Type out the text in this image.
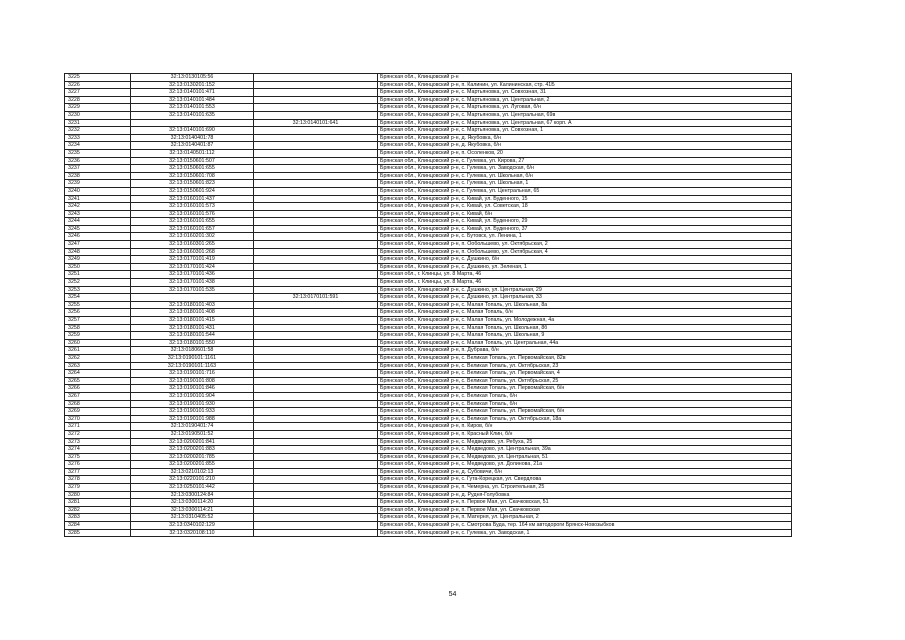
3225	32:13:0130105:56		Брянская обл., Клинцовский р-н
3226	32:13:0130201:152		Брянская обл., Клинцовский р-н, п. Калинин, ул. Калининская, стр. 41Б
3227	32:13:0140101:471		Брянская обл., Клинцовский р-н, с. Мартьяновка, ул. Совхозная, 31
3228	32:13:0140101:484		Брянская обл., Клинцовский р-н, с. Мартьяновка, ул. Центральная, 2
3229	32:13:0140101:553		Брянская обл., Клинцовский р-н, с. Мартьяновка, ул. Луговая, б/н
3230	32:13:0140101:635		Брянская обл., Клинцовский р-н, с. Мартьяновка, ул. Центральная, 69в
3231		32:13:0140101:641	Брянская обл., Клинцовский р-н, с. Мартьяновка, ул. Центральная, 67 корп. А
3232	32:13:0140101:690		Брянская обл., Клинцовский р-н, с. Мартьяновка, ул. Совхозная, 1
3233	32:13:0140401:78		Брянская обл., Клинцовский р-н, д. Якубовка, б/н
3234	32:13:0140401:87		Брянская обл., Клинцовский р-н, д. Якубовка, б/н
3235	32:13:0140501:112		Брянская обл., Клинцовский р-н, п. Осоленков, 20
3236	32:13:0150601:507		Брянская обл., Клинцовский р-н, с. Гулевка, ул. Кирова, 27
3237	32:13:0150601:655		Брянская обл., Клинцовский р-н, с. Гулевка, ул. Заводская, б/н
3238	32:13:0150601:708		Брянская обл., Клинцовский р-н, с. Гулевка, ул. Школьная, б/н
3239	32:13:0150601:823		Брянская обл., Клинцовский р-н, с. Гулевка, ул. Школьная, 1
3240	32:13:0150601:924		Брянская обл., Клинцовский р-н, с. Гулевка, ул. Центральная, 65
3241	32:13:0160101:437		Брянская обл., Клинцовский р-н, с. Кивай, ул. Буденного, 15
3242	32:13:0160101:573		Брянская обл., Клинцовский р-н, с. Кивай, ул. Советская, 18
3243	32:13:0160101:576		Брянская обл., Клинцовский р-н, с. Кивай, б/н
3244	32:13:0160101:655		Брянская обл., Клинцовский р-н, с. Кивай, ул. Буденного, 29
3245	32:13:0160101:657		Брянская обл., Клинцовский р-н, с. Кивай, ул. Буденного, 37
3246	32:13:0160201:302		Брянская обл., Клинцовский р-н, с. Бутовск, ул. Ленина, 1
3247	32:13:0160301:265		Брянская обл., Клинцовский р-н, п. Ообольшево, ул. Октябрьская, 2
3248	32:13:0160301:268		Брянская обл., Клинцовский р-н, п. Ообольшево, ул. Октябрьская, 4
3249	32:13:0170101:419		Брянская обл., Клинцовский р-н, с. Душкино, б/н
3250	32:13:0170101:424		Брянская обл., Клинцовский р-н, с. Душкино, ул. Зеленая, 1
3251	32:13:0170101:436		Брянская обл., г. Клинцы, ул. 8 Марта, 46
3252	32:13:0170101:438		Брянская обл., г. Клинцы, ул. 8 Марта, 46
3253	32:13:0170101:535		Брянская обл., Клинцовский р-н, с. Душкино, ул. Центральная, 29
3254		32:13:0170101:591	Брянская обл., Клинцовский р-н, с. Душкино, ул. Центральная, 33
3255	32:13:0180101:403		Брянская обл., Клинцовский р-н, с. Малая Топаль, ул. Школьная, 8а
3256	32:13:0180101:408		Брянская обл., Клинцовский р-н, с. Малая Топаль, б/н
3257	32:13:0180101:415		Брянская обл., Клинцовский р-н, с. Малая Топаль, ул. Молодежная, 4а
3258	32:13:0180101:431		Брянская обл., Клинцовский р-н, с. Малая Топаль, ул. Школьная, 8б
3259	32:13:0180101:544		Брянская обл., Клинцовский р-н, с. Малая Топаль, ул. Школьная, 9
3260	32:13:0180101:550		Брянская обл., Клинцовский р-н, с. Малая Топаль, ул. Центральная, 44а
3261	32:13:0180601:58		Брянская обл., Клинцовский р-н, п. Дубрава, б/н
3262	32:13:0190101:1161		Брянская обл., Клинцовский р-н, с. Великая Топаль, ул. Первомайская, 82в
3263	32:13:0190101:1163		Брянская обл., Клинцовский р-н, с. Великая Топаль, ул. Октябрьская, 23
3264	32:13:0190101:716		Брянская обл., Клинцовский р-н, с. Великая Топаль, ул. Первомайская, 4
3265	32:13:0190101:808		Брянская обл., Клинцовский р-н, с. Великая Топаль, ул. Октябрьская, 25
3266	32:13:0190101:846		Брянская обл., Клинцовский р-н, с. Великая Топаль, ул. Первомайская, б/н
3267	32:13:0190101:904		Брянская обл., Клинцовский р-н, с. Великая Топаль, б/н
3268	32:13:0190101:930		Брянская обл., Клинцовский р-н, с. Великая Топаль, б/н
3269	32:13:0190101:933		Брянская обл., Клинцовский р-н, с. Великая Топаль, ул. Первомайская, б/н
3270	32:13:0190101:988		Брянская обл., Клинцовский р-н, с. Великая Топаль, ул. Октябрьская, 18а
3271	32:13:0190401:74		Брянская обл., Клинцовский р-н, п. Киров, б/н
3272	32:13:0190501:52		Брянская обл., Клинцовский р-н, п. Красный Клин, б/н
3273	32:13:0200201:841		Брянская обл., Клинцовский р-н, с. Медведово, ул. Ребуха, 25
3274	32:13:0200201:883		Брянская обл., Клинцовский р-н, с. Медведово, ул. Центральная, 39а
3275	32:13:0200201:785		Брянская обл., Клинцовский р-н, с. Медведово, ул. Центральная, 51
3276	32:13:0200201:855		Брянская обл., Клинцовский р-н, с. Медведово, ул. Долинова, 21а
3277	32:13:0210102:13		Брянская обл., Клинцовский р-н, д. Субовичи, б/н
3278	32:13:0220101:210		Брянская обл., Клинцовский р-н, с. Гута-Корецкая, ул. Свердлова
3279	32:13:0250101:442		Брянская обл., Клинцовский р-н, п. Чемерна, ул. Строительная, 25
3280	32:13:0300124:84		Брянская обл., Клинцовский р-н, д. Рудня-Голубовка
3281	32:13:0300114:20		Брянская обл., Клинцовский р-н, п. Первое Мая, ул. Скачковская, 51
3282	32:13:0300114:21		Брянская обл., Клинцовский р-н, п. Первое Мая, ул. Скачковская
3283	32:13:0310405:52		Брянская обл., Клинцовский р-н, п. Матерня, ул. Центральная, 2
3284	32:13:0340102:129		Брянская обл., Клинцовский р-н, с. Смотрова Буда, тер. 164 км автодороги Брянск-Новозыбков
3285	32:13:0320108:110		Брянская обл., Клинцовский р-н, с. Гулевка, ул. Заводская, 1
54
